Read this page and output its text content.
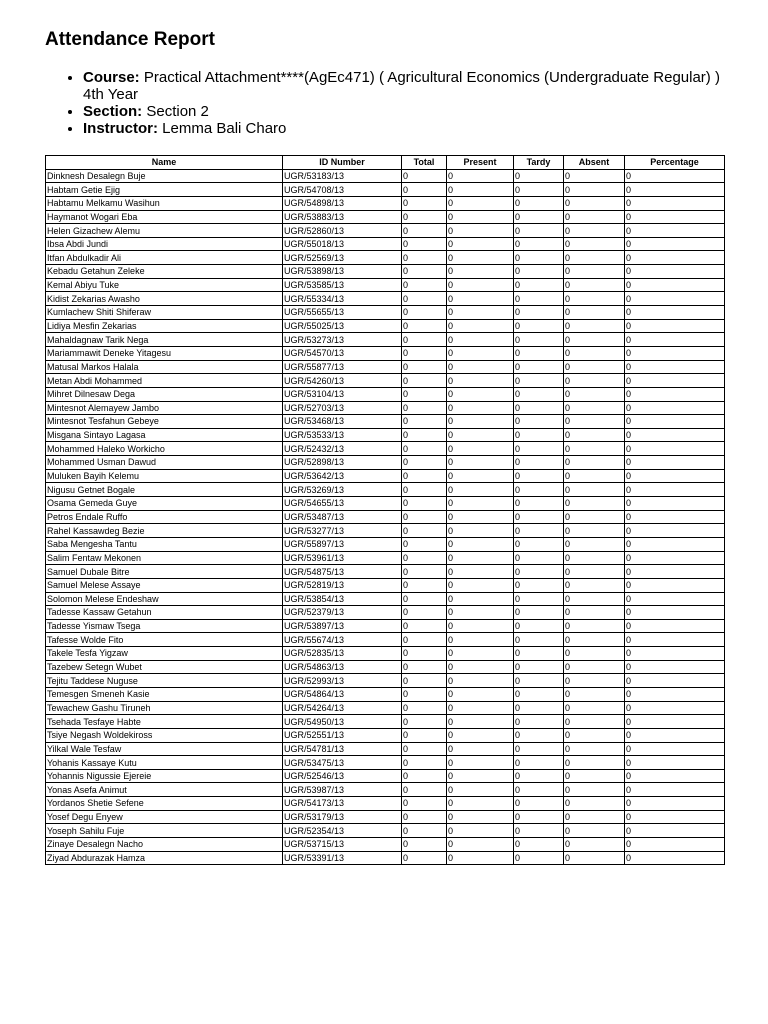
Attendance Report
• Course: Practical Attachment****(AgEc471) ( Agricultural Economics (Undergraduate Regular) ) 4th Year
• Section: Section 2
• Instructor: Lemma Bali Charo
Name	ID Number	Total	Present	Tardy	Absent	Percentage
Dinknesh Desalegn Buje	UGR/53183/13	0	0	0	0	0
Habtam Getie Ejig	UGR/54708/13	0	0	0	0	0
Habtamu Melkamu Wasihun	UGR/54898/13	0	0	0	0	0
Haymanot Wogari Eba	UGR/53883/13	0	0	0	0	0
Helen Gizachew Alemu	UGR/52860/13	0	0	0	0	0
Ibsa Abdi Jundi	UGR/55018/13	0	0	0	0	0
Itfan Abdulkadir Ali	UGR/52569/13	0	0	0	0	0
Kebadu Getahun Zeleke	UGR/53898/13	0	0	0	0	0
Kemal Abiyu Tuke	UGR/53585/13	0	0	0	0	0
Kidist Zekarias Awasho	UGR/55334/13	0	0	0	0	0
Kumlachew Shiti Shiferaw	UGR/55655/13	0	0	0	0	0
Lidiya Mesfin Zekarias	UGR/55025/13	0	0	0	0	0
Mahaldagnaw Tarik Nega	UGR/53273/13	0	0	0	0	0
Mariammawit Deneke Yitagesu	UGR/54570/13	0	0	0	0	0
Matusal Markos Halala	UGR/55877/13	0	0	0	0	0
Metan Abdi Mohammed	UGR/54260/13	0	0	0	0	0
Mihret Dilnesaw Dega	UGR/53104/13	0	0	0	0	0
Mintesnot Alemayew Jambo	UGR/52703/13	0	0	0	0	0
Mintesnot Tesfahun Gebeye	UGR/53468/13	0	0	0	0	0
Misgana Sintayo Lagasa	UGR/53533/13	0	0	0	0	0
Mohammed Haleko Workicho	UGR/52432/13	0	0	0	0	0
Mohammed Usman Dawud	UGR/52898/13	0	0	0	0	0
Muluken Bayih Kelemu	UGR/53642/13	0	0	0	0	0
Nigusu Getnet Bogale	UGR/53269/13	0	0	0	0	0
Osama Gemeda Guye	UGR/54655/13	0	0	0	0	0
Petros Endale Ruffo	UGR/53487/13	0	0	0	0	0
Rahel Kassawdeg Bezie	UGR/53277/13	0	0	0	0	0
Saba Mengesha Tantu	UGR/55897/13	0	0	0	0	0
Salim Fentaw Mekonen	UGR/53961/13	0	0	0	0	0
Samuel Dubale Bitre	UGR/54875/13	0	0	0	0	0
Samuel Melese Assaye	UGR/52819/13	0	0	0	0	0
Solomon Melese Endeshaw	UGR/53854/13	0	0	0	0	0
Tadesse Kassaw Getahun	UGR/52379/13	0	0	0	0	0
Tadesse Yismaw Tsega	UGR/53897/13	0	0	0	0	0
Tafesse Wolde Fito	UGR/55674/13	0	0	0	0	0
Takele Tesfa Yigzaw	UGR/52835/13	0	0	0	0	0
Tazebew Setegn Wubet	UGR/54863/13	0	0	0	0	0
Tejitu Taddese Nuguse	UGR/52993/13	0	0	0	0	0
Temesgen Smeneh Kasie	UGR/54864/13	0	0	0	0	0
Tewachew Gashu Tiruneh	UGR/54264/13	0	0	0	0	0
Tsehada Tesfaye Habte	UGR/54950/13	0	0	0	0	0
Tsiye Negash Woldekiross	UGR/52551/13	0	0	0	0	0
Yilkal Wale Tesfaw	UGR/54781/13	0	0	0	0	0
Yohanis Kassaye Kutu	UGR/53475/13	0	0	0	0	0
Yohannis Nigussie Ejereie	UGR/52546/13	0	0	0	0	0
Yonas Asefa Animut	UGR/53987/13	0	0	0	0	0
Yordanos Shetie Sefene	UGR/54173/13	0	0	0	0	0
Yosef Degu Enyew	UGR/53179/13	0	0	0	0	0
Yoseph Sahilu Fuje	UGR/52354/13	0	0	0	0	0
Zinaye Desalegn Nacho	UGR/53715/13	0	0	0	0	0
Ziyad Abdurazak Hamza	UGR/53391/13	0	0	0	0	0
